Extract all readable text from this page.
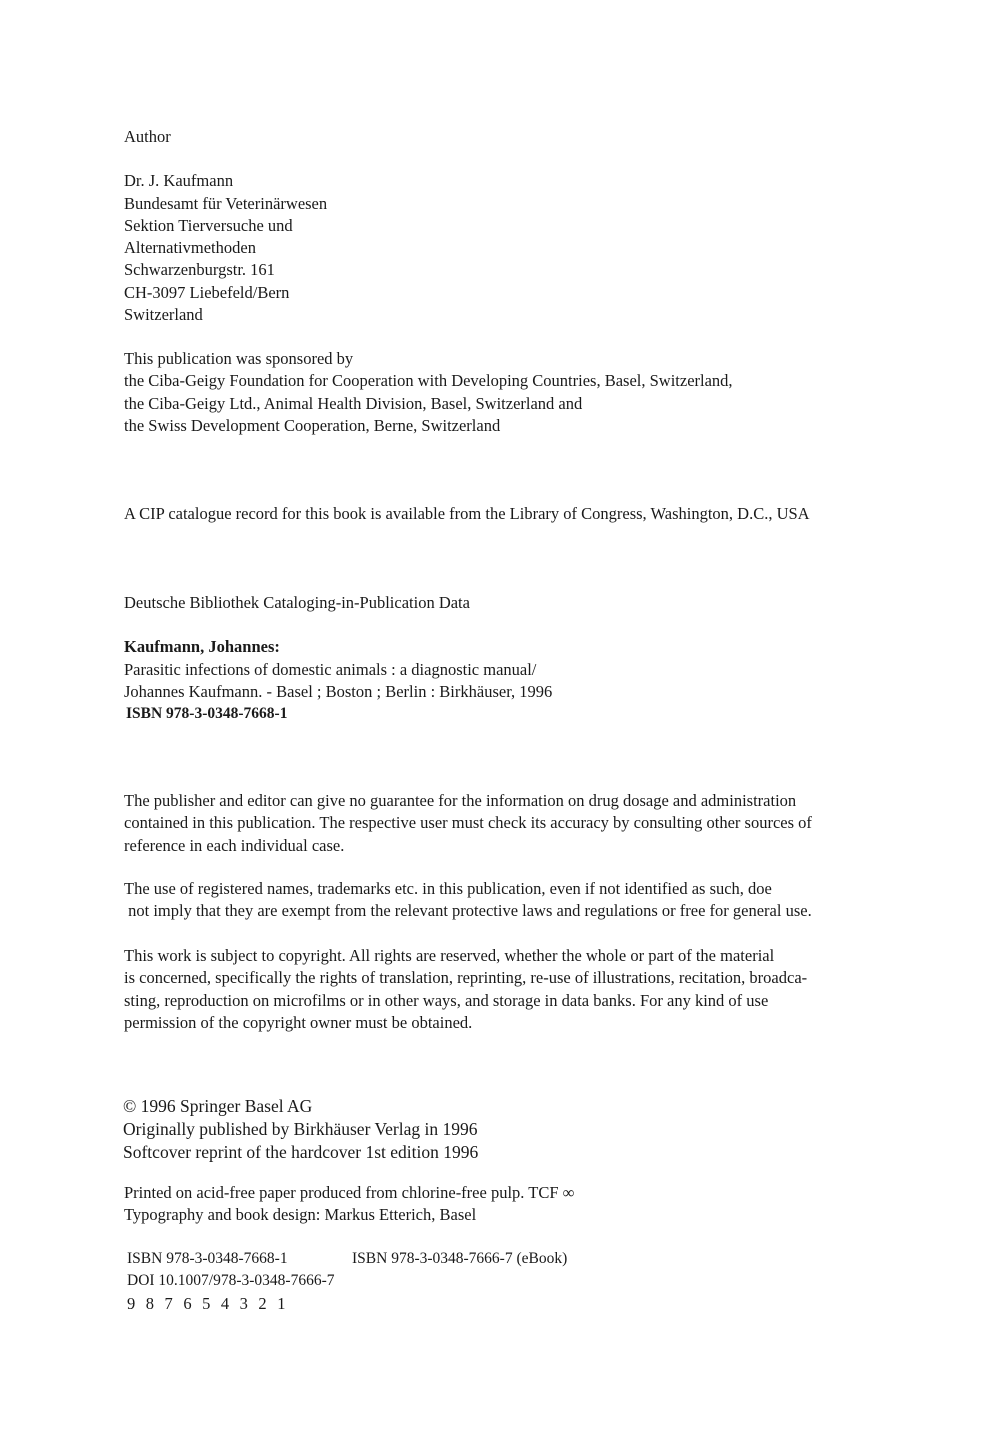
Author
Dr. J. Kaufmann
Bundesamt für Veterinärwesen
Sektion Tierversuche und
Alternativmethoden
Schwarzenburgstr. 161
CH-3097 Liebefeld/Bern
Switzerland
This publication was sponsored by
the Ciba-Geigy Foundation for Cooperation with Developing Countries, Basel, Switzerland,
the Ciba-Geigy Ltd., Animal Health Division, Basel, Switzerland and
the Swiss Development Cooperation, Berne, Switzerland
A CIP catalogue record for this book is available from the Library of Congress, Washington, D.C., USA
Deutsche Bibliothek Cataloging-in-Publication Data
Kaufmann, Johannes:
Parasitic infections of domestic animals : a diagnostic manual/
Johannes Kaufmann. - Basel ; Boston ; Berlin : Birkhäuser, 1996
ISBN 978-3-0348-7668-1
The publisher and editor can give no guarantee for the information on drug dosage and administration
contained in this publication. The respective user must check its accuracy by consulting other sources of
reference in each individual case.
The use of registered names, trademarks etc. in this publication, even if not identified as such, doe
not imply that they are exempt from the relevant protective laws and regulations or free for general use.
This work is subject to copyright. All rights are reserved, whether the whole or part of the material
is concerned, specifically the rights of translation, reprinting, re-use of illustrations, recitation, broadca-
sting, reproduction on microfilms or in other ways, and storage in data banks. For any kind of use
permission of the copyright owner must be obtained.
© 1996 Springer Basel AG
Originally published by Birkhäuser Verlag in 1996
Softcover reprint of the hardcover 1st edition 1996
Printed on acid-free paper produced from chlorine-free pulp. TCF ∞
Typography and book design: Markus Etterich, Basel
ISBN 978-3-0348-7668-1	ISBN 978-3-0348-7666-7 (eBook)
DOI 10.1007/978-3-0348-7666-7
9 8 7 6 5 4 3 2 1
